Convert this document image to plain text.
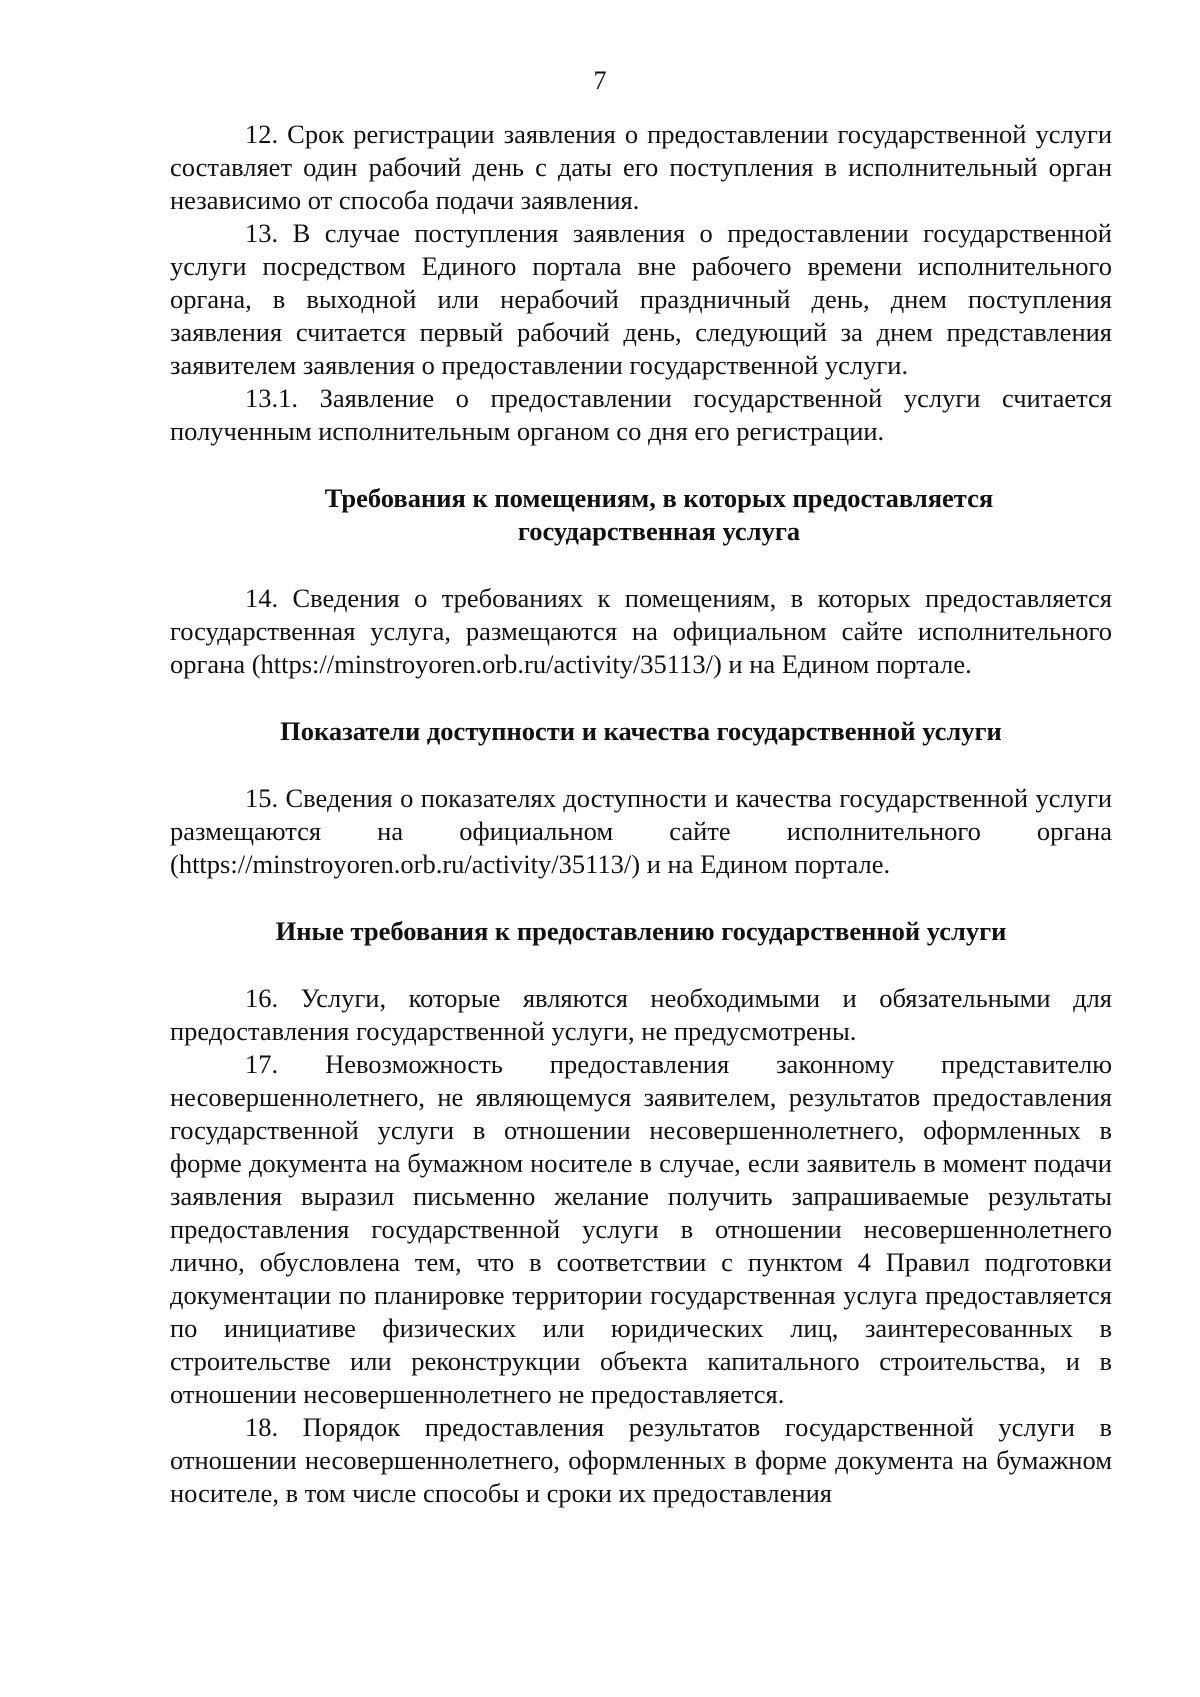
7

12. Срок регистрации заявления о предоставлении государственной услуги составляет один рабочий день с даты его поступления в исполнительный орган независимо от способа подачи заявления.

13. В случае поступления заявления о предоставлении государственной услуги посредством Единого портала вне рабочего времени исполнительного органа, в выходной или нерабочий праздничный день, днем поступления заявления считается первый рабочий день, следующий за днем представления заявителем заявления о предоставлении государственной услуги.

13.1. Заявление о предоставлении государственной услуги считается полученным исполнительным органом со дня его регистрации.

Требования к помещениям, в которых предоставляется
государственная услуга

14. Сведения о требованиях к помещениям, в которых предоставляется государственная услуга, размещаются на официальном сайте исполнительного органа (https://minstroyoren.orb.ru/activity/35113/) и на Едином портале.

Показатели доступности и качества государственной услуги

15. Сведения о показателях доступности и качества государственной услуги размещаются на официальном сайте исполнительного органа (https://minstroyoren.orb.ru/activity/35113/) и на Едином портале.

Иные требования к предоставлению государственной услуги

16. Услуги, которые являются необходимыми и обязательными для предоставления государственной услуги, не предусмотрены.

17. Невозможность предоставления законному представителю несовершеннолетнего, не являющемуся заявителем, результатов предоставления государственной услуги в отношении несовершеннолетнего, оформленных в форме документа на бумажном носителе в случае, если заявитель в момент подачи заявления выразил письменно желание получить запрашиваемые результаты предоставления государственной услуги в отношении несовершеннолетнего лично, обусловлена тем, что в соответствии с пунктом 4 Правил подготовки документации по планировке территории государственная услуга предоставляется по инициативе физических или юридических лиц, заинтересованных в строительстве или реконструкции объекта капитального строительства, и в отношении несовершеннолетнего не предоставляется.

18. Порядок предоставления результатов государственной услуги в отношении несовершеннолетнего, оформленных в форме документа на бумажном носителе, в том числе способы и сроки их предоставления
